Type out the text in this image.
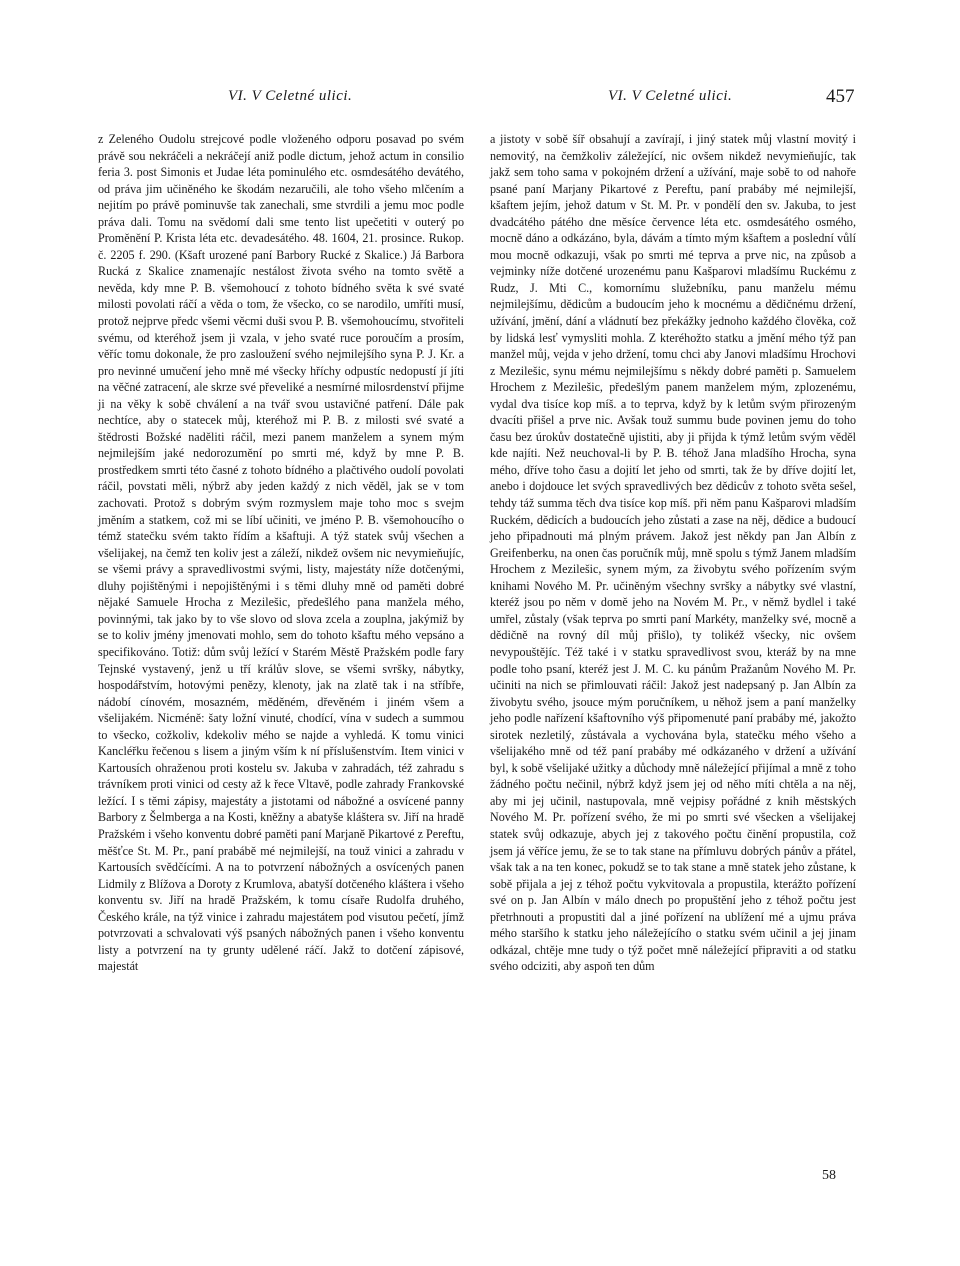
VI. V Celetné ulici.	VI. V Celetné ulici.	457

z Zeleného Oudolu strejcové podle vloženého odporu posavad po svém právě sou nekráčeli a nekráčejí aniž podle dictum, jehož actum in consilio feria 3. post Simonis et Judae léta pominulého etc. osmdesátého devátého, od práva jim učiněného ke škodám nezaručili, ale toho všeho mlčením a nejitím po právě pominuvše tak zanechali, sme stvrdili a jemu moc podle práva dali. Tomu na svědomí dali sme tento list upečetiti v outerý po Proměnění P. Krista léta etc. devadesátého. 48. 1604, 21. prosince. Rukop. č. 2205 f. 290. (Kšaft urozené paní Barbory Rucké z Skalice.) Já Barbora Rucká z Skalice znamenajíc nestálost života svého na tomto světě a nevěda, kdy mne P. B. všemohoucí z tohoto bídného světa k své svaté milosti povolati ráčí a věda o tom, že všecko, co se narodilo, umříti musí, protož nejprve předc všemi věcmi duši svou P. B. všemohoucímu, stvořiteli svému, od kteréhož jsem ji vzala, v jeho svaté ruce poroučím a prosím, věříc tomu dokonale, že pro zasloužení svého nejmilejšího syna P. J. Kr. a pro nevinné umučení jeho mně mé všecky hříchy odpustíc nedopustí jí jíti na věčné zatracení, ale skrze své převeliké a nesmírné milosrdenství přijme ji na věky k sobě chválení a na tvář svou ustavičné patření. Dále pak nechtíce, aby o statecek můj, kteréhož mi P. B. z milosti své svaté a štědrosti Božské naděliti ráčil, mezi panem manželem a synem mým nejmilejším jaké nedorozumění po smrti mé, když by mne P. B. prostředkem smrti této časné z tohoto bídného a plačtivého oudolí povolati ráčil, povstati měli, nýbrž aby jeden každý z nich věděl, jak se v tom zachovati. Protož s dobrým svým rozmyslem maje toho moc s svejm jměním a statkem, což mi se líbí učiniti, ve jméno P. B. všemohoucího o témž statečku svém takto řídím a kšaftuji. A týž statek svůj všechen a všelijakej, na čemž ten koliv jest a záleží, nikdež ovšem nic nevymieňujíc, se všemi právy a spravedlivostmi svými, listy, majestáty níže dotčenými, dluhy pojištěnými i nepojištěnými i s těmi dluhy mně od paměti dobré nějaké Samuele Hrocha z Mezilešic, předešlého pana manžela mého, povinnými, tak jako by to vše slovo od slova zcela a zouplna, jakýmiž by se to koliv jmény jmenovati mohlo, sem do tohoto kšaftu mého vepsáno a specifikováno. Totiž: dům svůj ležící v Starém Městě Pražském podle fary Tejnské vystavený, jenž u tří králův slove, se všemi svršky, nábytky, hospodářstvím, hotovými penězy, klenoty, jak na zlatě tak i na stříbře, nádobí cínovém, mosazném, měděném, dřevěném i jiném všem a všelijakém. Nicméně: šaty ložní vinuté, chodící, vína v sudech a summou to všecko, cožkoliv, kdekoliv mého se najde a vyhledá. K tomu vinici Kancléřku řečenou s lisem a jiným vším k ní příslušenstvím. Item vinici v Kartousích ohraženou proti kostelu sv. Jakuba v zahradách, též zahradu s trávníkem proti vinici od cesty až k řece Vltavě, podle zahrady Frankovské ležící. I s těmi zápisy, majestáty a jistotami od nábožné a osvícené panny Barbory z Šelmberga a na Kosti, kněžny a abatyše kláštera sv. Jiří na hradě Pražském i všeho konventu dobré paměti paní Marjaně Pikartové z Pereftu, měšťce St. M. Pr., paní prabábě mé nejmilejší, na touž vinici a zahradu v Kartousích svědčícími. A na to potvrzení nábožných a osvícených panen Lidmily z Blížova a Doroty z Krumlova, abatyší dotčeného kláštera i všeho konventu sv. Jiří na hradě Pražském, k tomu císaře Rudolfa druhého, Českého krále, na týž vinice i zahradu majestátem pod visutou pečetí, jímž potvrzovati a schvalovati výš psaných nábožných panen i všeho konventu listy a potvrzení na ty grunty udělené ráčí. Jakž to dotčení zápisové, majestát

a jistoty v sobě šíř obsahují a zavírají, i jiný statek můj vlastní movitý i nemovitý, na čemžkoliv záležející, nic ovšem nikdež nevymieňujíc, tak jakž sem toho sama v pokojném držení a užívání, maje sobě to od nahoře psané paní Marjany Pikartové z Pereftu, paní prabáby mé nejmilejší, kšaftem jejím, jehož datum v St. M. Pr. v pondělí den sv. Jakuba, to jest dvadcátého pátého dne měsíce července léta etc. osmdesátého osmého, mocně dáno a odkázáno, byla, dávám a tímto mým kšaftem a poslední vůlí mou mocně odkazuji, však po smrti mé teprva a prve nic, na způsob a vejminky níže dotčené urozenému panu Kašparovi mladšímu Ruckému z Rudz, J. Mti C., komornímu služebníku, panu manželu mému nejmilejšímu, dědicům a budoucím jeho k mocnému a dědičnému držení, užívání, jmění, dání a vládnutí bez překážky jednoho každého člověka, což by lidská lesť vymysliti mohla. Z kteréhožto statku a jmění mého týž pan manžel můj, vejda v jeho držení, tomu chci aby Janovi mladšímu Hrochovi z Mezilešic, synu mému nejmilejšímu s někdy dobré paměti p. Samuelem Hrochem z Mezilešic, předešlým panem manželem mým, zplozenému, vydal dva tisíce kop míš. a to teprva, když by k letům svým přirozeným dvacíti přišel a prve nic. Avšak touž summu bude povinen jemu do toho času bez úrokův dostatečně ujistiti, aby ji přijda k týmž letům svým věděl kde najíti. Než neuchoval-li by P. B. téhož Jana mladšího Hrocha, syna mého, dříve toho času a dojití let jeho od smrti, tak že by dříve dojití let, anebo i dojdouce let svých spravedlivých bez dědicův z tohoto světa sešel, tehdy táž summa těch dva tisíce kop míš. při něm panu Kašparovi mladším Ruckém, dědicích a budoucích jeho zůstati a zase na něj, dědice a budoucí jeho připadnouti má plným právem. Jakož jest někdy pan Jan Albín z Greifenberku, na onen čas poručník můj, mně spolu s týmž Janem mladším Hrochem z Mezilešic, synem mým, za živobytu svého pořízením svým knihami Nového M. Pr. učiněným všechny svršky a nábytky své vlastní, kteréž jsou po něm v domě jeho na Novém M. Pr., v němž bydlel i také umřel, zůstaly (však teprva po smrti paní Markéty, manželky své, mocně a dědičně na rovný díl můj přišlo), ty tolikéž všecky, nic ovšem nevypouštějíc. Též také i v statku spravedlivost svou, kteráž by na mne podle toho psaní, kteréž jest J. M. C. ku pánům Pražanům Nového M. Pr. učiniti na nich se přimlouvati ráčil: Jakož jest nadepsaný p. Jan Albín za živobytu svého, jsouce mým poručníkem, u něhož jsem a paní manželky jeho podle nařízení kšaftovního výš připomenuté paní prabáby mé, jakožto sirotek nezletilý, zůstávala a vychována byla, statečku mého všeho a všelijakého mně od též paní prabáby mé odkázaného v držení a užívání byl, k sobě všelijaké užitky a důchody mně náležející přijímal a mně z toho žádného počtu nečinil, nýbrž když jsem jej od něho míti chtěla a na něj, aby mi jej učinil, nastupovala, mně vejpisy pořádné z knih městských Nového M. Pr. pořízení svého, že mi po smrti své všecken a všelijakej statek svůj odkazuje, abych jej z takového počtu činění propustila, což jsem já věříce jemu, že se to tak stane na přímluvu dobrých pánův a přátel, však tak a na ten konec, pokudž se to tak stane a mně statek jeho zůstane, k sobě přijala a jej z téhož počtu vykvitovala a propustila, kterážto pořízení své on p. Jan Albín v málo dnech po propuštění jeho z téhož počtu jest přetrhnouti a propustiti dal a jiné pořízení na ublížení mé a ujmu práva mého staršího k statku jeho náležejícího o statku svém učinil a jej jinam odkázal, chtěje mne tudy o týž počet mně náležející připraviti a od statku svého odciziti, aby aspoň ten dům

58
